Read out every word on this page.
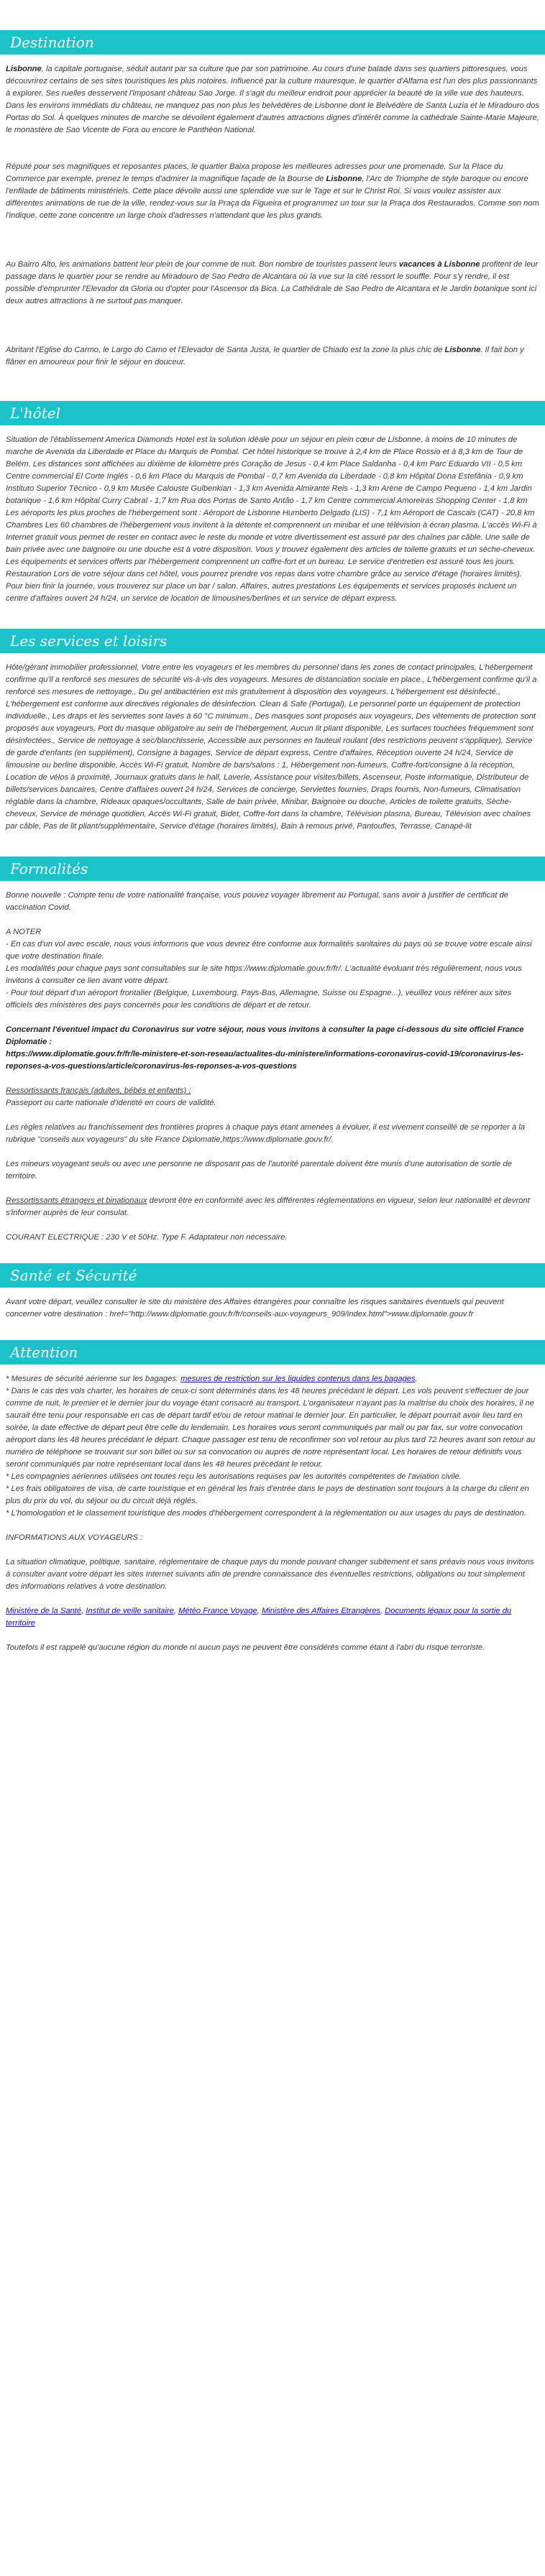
Destination

Lisbonne, la capitale portugaise, séduit autant par sa culture que par son patrimoine. Au cours d'une balade dans ses quartiers pittoresques, vous découvrirez certains de ses sites touristiques les plus notoires. Influencé par la culture mauresque, le quartier d'Alfama est l'un des plus passionnants à explorer. Ses ruelles desservent l'imposant château Sao Jorge. Il s'agit du meilleur endroit pour apprécier la beauté de la ville vue des hauteurs. Dans les environs immédiats du château, ne manquez pas non plus les belvédères de Lisbonne dont le Belvédère de Santa Luzia et le Miradouro dos Portas do Sol. À quelques minutes de marche se dévoilent également d'autres attractions dignes d'intérêt comme la cathédrale Sainte-Marie Majeure, le monastère de Sao Vicente de Fora ou encore le Panthéon National.

Réputé pour ses magnifiques et reposantes places, le quartier Baixa propose les meilleures adresses pour une promenade. Sur la Place du Commerce par exemple, prenez le temps d'admirer la magnifique façade de la Bourse de Lisbonne, l'Arc de Triomphe de style baroque ou encore l'enfilade de bâtiments ministériels. Cette place dévoile aussi une splendide vue sur le Tage et sur le Christ Roi. Si vous voulez assister aux différentes animations de rue de la ville, rendez-vous sur la Praça da Figueira et programmez un tour sur la Praça dos Restaurados. Comme son nom l'indique, cette zone concentre un large choix d'adresses n'attendant que les plus grands.

Au Bairro Alto, les animations battent leur plein de jour comme de nuit. Bon nombre de touristes passent leurs vacances à Lisbonne profitent de leur passage dans le quartier pour se rendre au Miradouro de Sao Pedro de Alcantara où la vue sur la cité ressort le souffle. Pour s'y rendre, il est possible d'emprunter l'Elevador da Gloria ou d'opter pour l'Ascensor da Bica. La Cathédrale de Sao Pedro de Alcantara et le Jardin botanique sont ici deux autres attractions à ne surtout pas manquer.

Abritant l'Eglise do Carmo, le Largo do Camo et l'Elevador de Santa Justa, le quartier de Chiado est la zone la plus chic de Lisbonne. Il fait bon y flâner en amoureux pour finir le séjour en douceur.

L'hôtel

Situation de l'établissement America Diamonds Hotel est la solution idéale pour un séjour en plein cœur de Lisbonne, à moins de 10 minutes de marche de Avenida da Liberdade et Place du Marquis de Pombal. Cet hôtel historique se trouve à 2,4 km de Place Rossio et à 8,3 km de Tour de Belém. Les distances sont affichées au dixième de kilomètre près Coração de Jesus - 0,4 km Place Saldanha - 0,4 km Parc Eduardo VII - 0,5 km Centre commercial El Corte Inglés - 0,6 km Place du Marquis de Pombal - 0,7 km Avenida da Liberdade - 0,8 km Hôpital Dona Estefânia - 0,9 km Instituto Superior Técnico - 0,9 km Musée Calouste Gulbenkian - 1,3 km Avenida Almirante Reis - 1,3 km Arène de Campo Pequeno - 1,4 km Jardin botanique - 1,6 km Hôpital Curry Cabral - 1,7 km Rua dos Portas de Santo Antão - 1,7 km Centre commercial Amoreiras Shopping Center - 1,8 km Les aéroports les plus proches de l'hébergement sont : Aéroport de Lisbonne Humberto Delgado (LIS) - 7,1 km Aéroport de Cascais (CAT) - 20,8 km Chambres Les 60 chambres de l'hébergement vous invitent à la détente et comprennent un minibar et une télévision à écran plasma. L'accès Wi-Fi à Internet gratuit vous permet de rester en contact avec le reste du monde et votre divertissement est assuré par des chaînes par câble. Une salle de bain privée avec une baignoire ou une douche est à votre disposition. Vous y trouvez également des articles de toilette gratuits et un sèche-cheveux. Les équipements et services offerts par l'hébergement comprennent un coffre-fort et un bureau. Le service d'entretien est assuré tous les jours. Restauration Lors de votre séjour dans cet hôtel, vous pourrez prendre vos repas dans votre chambre grâce au service d'étage (horaires limités). Pour bien finir la journée, vous trouverez sur place un bar / salon. Affaires, autres prestations Les équipements et services proposés incluent un centre d'affaires ouvert 24 h/24, un service de location de limousines/berlines et un service de départ express.

Les services et loisirs

Hôte/gérant immobilier professionnel, Votre entre les voyageurs et les membres du personnel dans les zones de contact principales, L'hébergement confirme qu'il a renforcé ses mesures de sécurité vis-à-vis des voyageurs. Mesures de distanciation sociale en place., L'hébergement confirme qu'il a renforcé ses mesures de nettoyage., Du gel antibactérien est mis gratuitement à disposition des voyageurs. L'hébergement est désinfecté., L'hébergement est conforme aux directives régionales de désinfection. Clean & Safe (Portugal), Le personnel porte un équipement de protection individuelle., Les draps et les serviettes sont lavés à 60 °C minimum., Des masques sont proposés aux voyageurs, Des vêtements de protection sont proposés aux voyageurs, Port du masque obligatoire au sein de l'hébergement, Aucun lit pliant disponible, Les surfaces touchées fréquemment sont désinfectées., Service de nettoyage à sec/blanchisserie, Accessible aux personnes en fauteuil roulant (des restrictions peuvent s'appliquer), Service de garde d'enfants (en supplément), Consigne à bagages, Service de départ express, Centre d'affaires, Réception ouverte 24 h/24, Service de limousine ou berline disponible, Accès Wi-Fi gratuit, Nombre de bars/salons : 1, Hébergement non-fumeurs, Coffre-fort/consigne à la réception, Location de vélos à proximité, Journaux gratuits dans le hall, Laverie, Assistance pour visites/billets, Ascenseur, Poste informatique, Distributeur de billets/services bancaires, Centre d'affaires ouvert 24 h/24, Services de concierge, Serviettes fournies, Draps fournis, Non-fumeurs, Climatisation réglable dans la chambre, Rideaux opaques/occultants, Salle de bain privée, Minibar, Baignoire ou douche, Articles de toilette gratuits, Sèche-cheveux, Service de ménage quotidien, Accès Wi-Fi gratuit, Bidet, Coffre-fort dans la chambre, Télévision plasma, Bureau, Télévision avec chaînes par câble, Pas de lit pliant/supplémentaire, Service d'étage (horaires limités), Bain à remous privé, Pantoufles, Terrasse, Canapé-lit

Formalités

Bonne nouvelle : Compte tenu de votre nationalité française, vous pouvez voyager librement au Portugal, sans avoir à justifier de certificat de vaccination Covid.

A NOTER

- En cas d'un vol avec escale, nous vous informons que vous devrez être conforme aux formalités sanitaires du pays où se trouve votre escale ainsi que votre destination finale.

Les modalités pour chaque pays sont consultables sur le site https://www.diplomatie.gouv.fr/fr/. L'actualité évoluant très régulièrement, nous vous invitons à consulter ce lien avant votre départ.

- Pour tout départ d'un aéroport frontalier (Belgique, Luxembourg, Pays-Bas, Allemagne, Suisse ou Espagne...), veuillez vous référer aux sites officiels des ministères des pays concernés pour les conditions de départ et de retour.

Concernant l'éventuel impact du Coronavirus sur votre séjour, nous vous invitons à consulter la page ci-dessous du site officiel France Diplomatie :
https://www.diplomatie.gouv.fr/fr/le-ministere-et-son-reseau/actualites-du-ministere/informations-coronavirus-covid-19/coronavirus-les-reponses-a-vos-questions/article/coronavirus-les-reponses-a-vos-questions

Ressortissants français (adultes, bébés et enfants) :

Passeport ou carte nationale d'identité en cours de validité.

Les règles relatives au franchissement des frontières propres à chaque pays étant amenées à évoluer, il est vivement conseillé de se reporter à la rubrique "conseils aux voyageurs" du site France Diplomatie,https://www.diplomatie.gouv.fr/.

Les mineurs voyageant seuls ou avec une personne ne disposant pas de l'autorité parentale doivent être munis d'une autorisation de sortie de territoire.

Ressortissants étrangers et binationaux devront être en conformité avec les différentes réglementations en vigueur, selon leur nationalité et devront s'informer auprès de leur consulat.

COURANT ELECTRIQUE : 230 V et 50Hz. Type F. Adaptateur non nécessaire.

Santé et Sécurité

Avant votre départ, veuillez consulter le site du ministère des Affaires étrangères pour connaître les risques sanitaires éventuels qui peuvent concerner votre destination : href="http://www.diplomatie.gouv.fr/fr/conseils-aux-voyageurs_909/index.html">www.diplomatie.gouv.fr

Attention

* Mesures de sécurité aérienne sur les bagages: mesures de restriction sur les liquides contenus dans les bagages.

* Dans le cas des vols charter, les horaires de ceux-ci sont déterminés dans les 48 heures précédant le départ. Les vols peuvent s'effectuer de jour comme de nuit, le premier et le dernier jour du voyage étant consacré au transport. L'organisateur n'ayant pas la maîtrise du choix des horaires, il ne saurait être tenu pour responsable en cas de départ tardif et/ou de retour matinal le dernier jour. En particulier, le départ pourrait avoir lieu tard en soirée, la date effective de départ peut être celle du lendemain. Les horaires vous seront communiqués par mail ou par fax, sur votre convocation aéroport dans les 48 heures précédant le départ. Chaque passager est tenu de reconfirmer son vol retour au plus tard 72 heures avant son retour au numéro de téléphone se trouvant sur son billet ou sur sa convocation ou auprès de notre représentant local. Les horaires de retour définitifs vous seront communiqués par notre représentant local dans les 48 heures précédant le retour.

* Les compagnies aériennes utilisées ont toutes reçu les autorisations requises par les autorités compétentes de l'aviation civile.

* Les frais obligatoires de visa, de carte touristique et en général les frais d'entrée dans le pays de destination sont toujours à la charge du client en plus du prix du vol, du séjour ou du circuit déjà réglés.

* L'homologation et le classement touristique des modes d'hébergement correspondent à la réglementation ou aux usages du pays de destination.

INFORMATIONS AUX VOYAGEURS :

La situation climatique, politique, sanitaire, réglementaire de chaque pays du monde pouvant changer subitement et sans préavis nous vous invitons à consulter avant votre départ les sites Internet suivants afin de prendre connaissance des éventuelles restrictions, obligations ou tout simplement des informations relatives à votre destination.

Ministère de la Santé, Institut de veille sanitaire, Météo France Voyage, Ministère des Affaires Etrangères, Documents légaux pour la sortie du territoire

Toutefois il est rappelé qu'aucune région du monde ni aucun pays ne peuvent être considérés comme étant à l'abri du risque terroriste.
